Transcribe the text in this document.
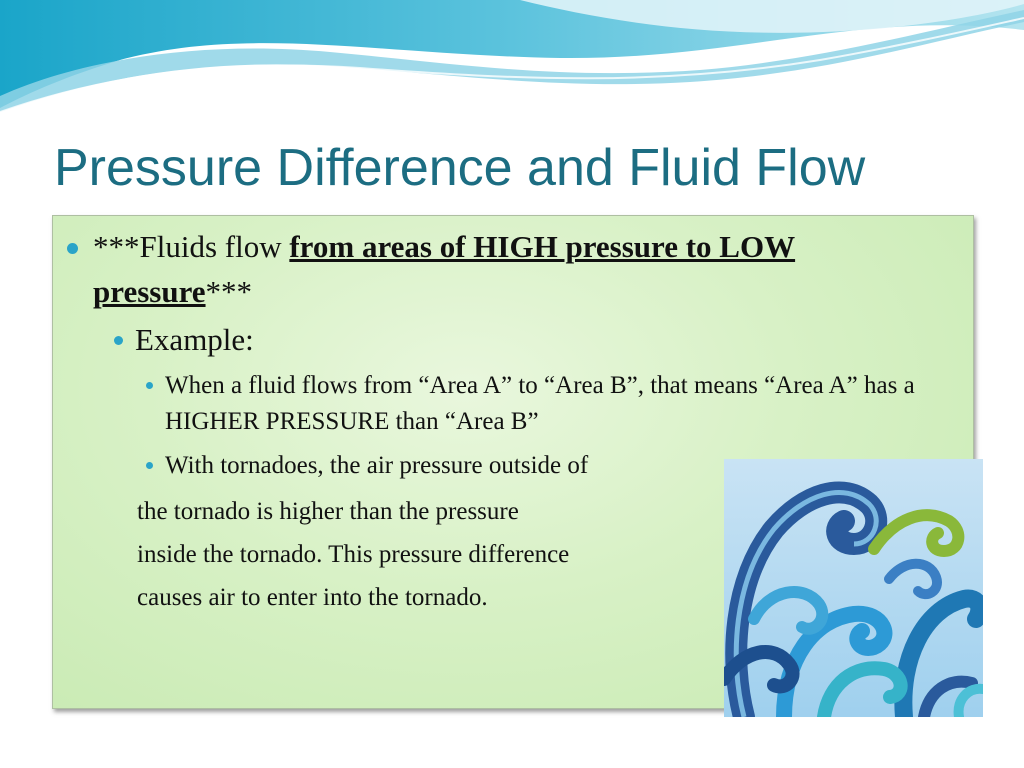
Pressure Difference and Fluid Flow

***Fluids flow from areas of HIGH pressure to LOW
pressure***

Example:

When a fluid flows from “Area A” to “Area B”, that means “Area A” has a HIGHER PRESSURE than “Area B”

With tornadoes, the air pressure outside of

the tornado is higher than the pressure
inside the tornado. This pressure difference
causes air to enter into the tornado.
